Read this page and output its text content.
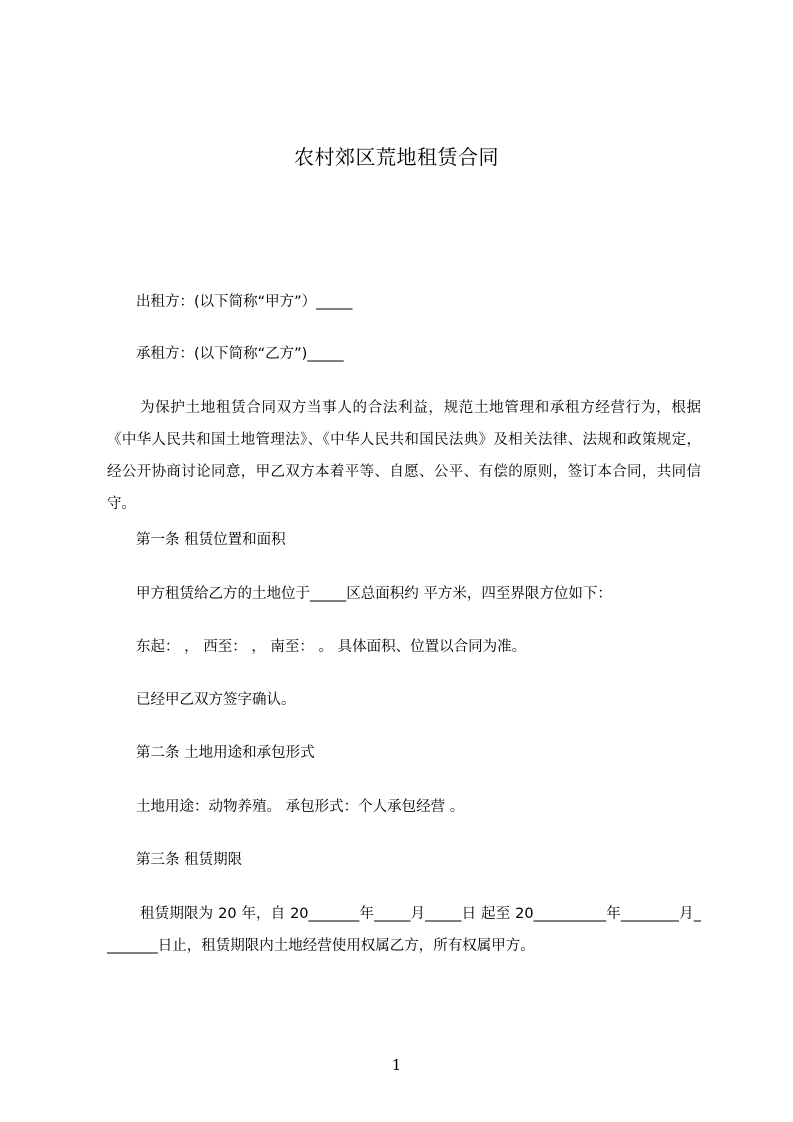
农村郊区荒地租赁合同
出租方：(以下简称“甲方”）_____
承租方：(以下简称“乙方”)_____
为保护土地租赁合同双方当事人的合法利益，规范土地管理和承租方经营行为，根据《中华人民共和国土地管理法》、《中华人民共和国民法典》及相关法律、法规和政策规定，经公开协商讨论同意，甲乙双方本着平等、自愿、公平、有偿的原则，签订本合同，共同信守。
第一条 租赁位置和面积
甲方租赁给乙方的土地位于_____区总面积约 平方米，四至界限方位如下：
东起： ， 西至： ， 南至： 。 具体面积、位置以合同为准。
已经甲乙双方签字确认。
第二条 土地用途和承包形式
土地用途：动物养殖。 承包形式：个人承包经营 。
第三条 租赁期限
租赁期限为 20 年，自 20_______年_____月_____日 起至 20__________年________月________日止，租赁期限内土地经营使用权属乙方，所有权属甲方。
1
